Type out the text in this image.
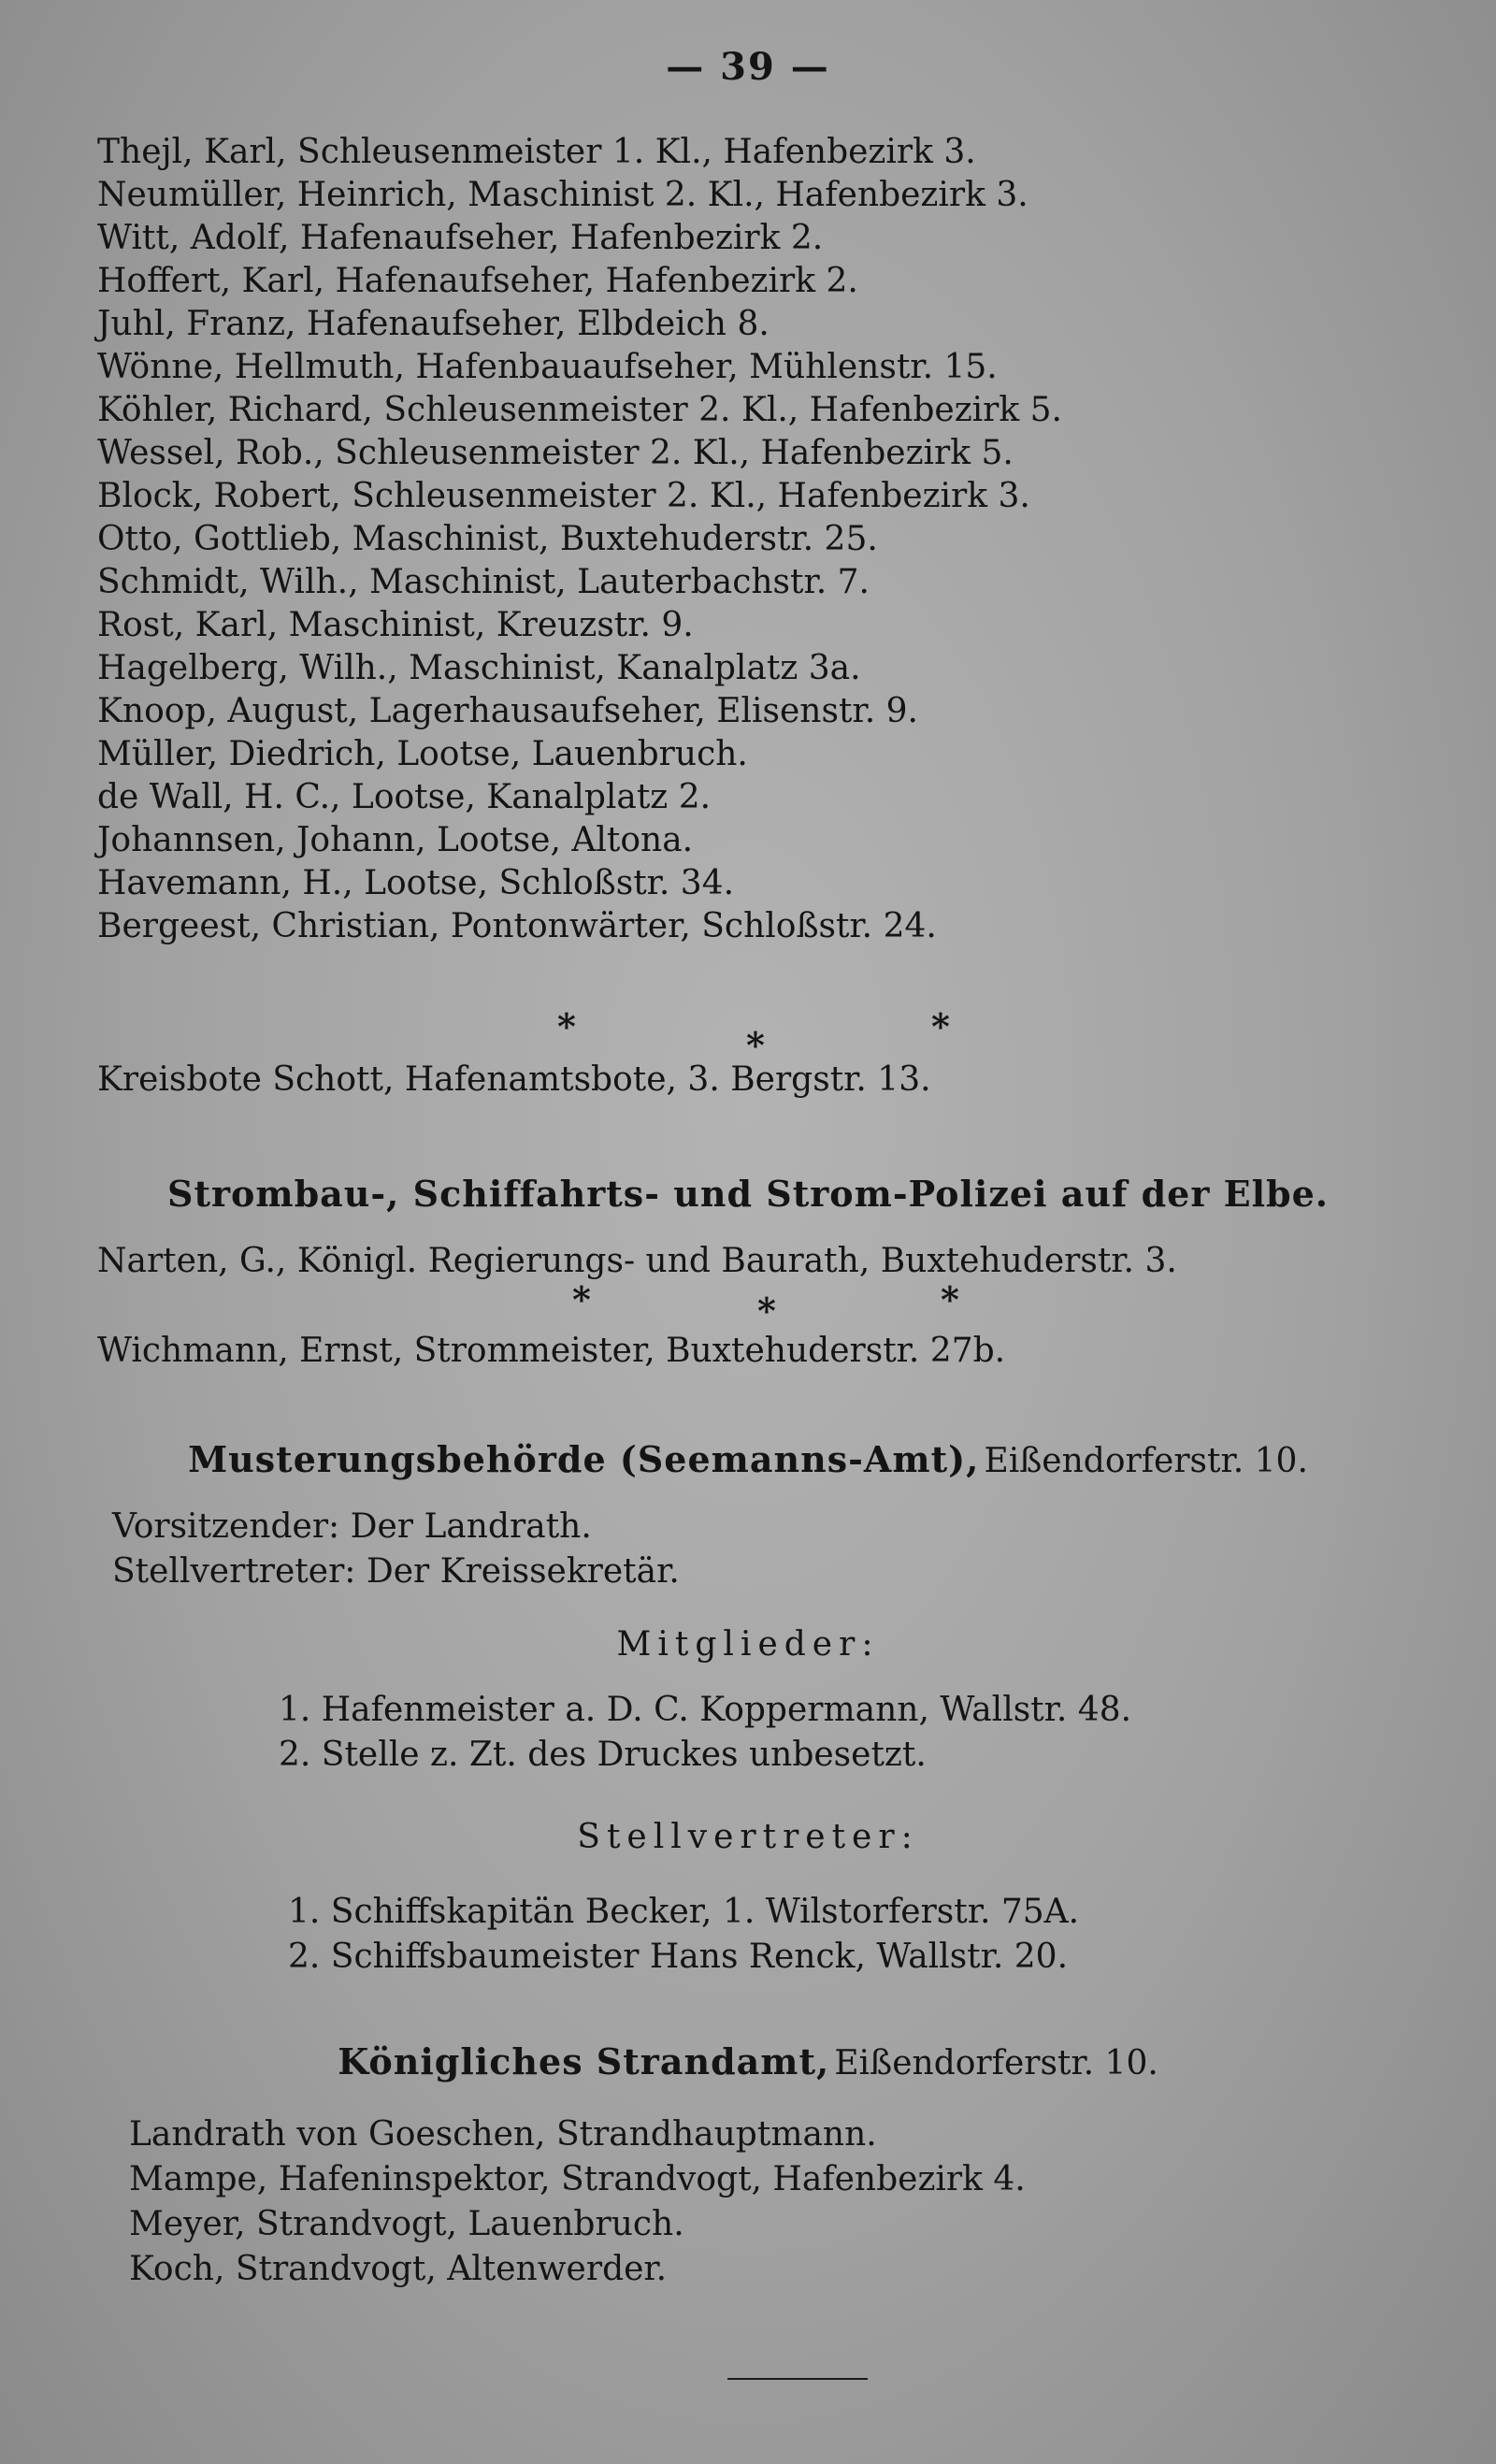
— 39 —
Thejl, Karl, Schleusenmeister 1. Kl., Hafenbezirk 3.
Neumüller, Heinrich, Maschinist 2. Kl., Hafenbezirk 3.
Witt, Adolf, Hafenaufseher, Hafenbezirk 2.
Hoffert, Karl, Hafenaufseher, Hafenbezirk 2.
Juhl, Franz, Hafenaufseher, Elbdeich 8.
Wönne, Hellmuth, Hafenbauaufseher, Mühlenstr. 15.
Köhler, Richard, Schleusenmeister 2. Kl., Hafenbezirk 5.
Wessel, Rob., Schleusenmeister 2. Kl., Hafenbezirk 5.
Block, Robert, Schleusenmeister 2. Kl., Hafenbezirk 3.
Otto, Gottlieb, Maschinist, Buxtehuderstr. 25.
Schmidt, Wilh., Maschinist, Lauterbachstr. 7.
Rost, Karl, Maschinist, Kreuzstr. 9.
Hagelberg, Wilh., Maschinist, Kanalplatz 3a.
Knoop, August, Lagerhausaufseher, Elisenstr. 9.
Müller, Diedrich, Lootse, Lauenbruch.
de Wall, H. C., Lootse, Kanalplatz 2.
Johannsen, Johann, Lootse, Altona.
Havemann, H., Lootse, Schloßstr. 34.
Bergeest, Christian, Pontonwärter, Schloßstr. 24.
*	*	*
Kreisbote Schott, Hafenamtsbote, 3. Bergstr. 13.
Strombau-, Schiffahrts- und Strom-Polizei auf der Elbe.
Narten, G., Königl. Regierungs- und Baurath, Buxtehuderstr. 3.
*	*	*
Wichmann, Ernst, Strommeister, Buxtehuderstr. 27b.
Musterungsbehörde (Seemanns-Amt), Eißendorferstr. 10.
Vorsitzender: Der Landrath.
Stellvertreter: Der Kreissekretär.
Mitglieder:
1. Hafenmeister a. D. C. Koppermann, Wallstr. 48.
2. Stelle z. Zt. des Druckes unbesetzt.
Stellvertreter:
1. Schiffskapitän Becker, 1. Wilstorferstr. 75A.
2. Schiffsbaumeister Hans Renck, Wallstr. 20.
Königliches Strandamt, Eißendorferstr. 10.
Landrath von Goeschen, Strandhauptmann.
Mampe, Hafeninspektor, Strandvogt, Hafenbezirk 4.
Meyer, Strandvogt, Lauenbruch.
Koch, Strandvogt, Altenwerder.
